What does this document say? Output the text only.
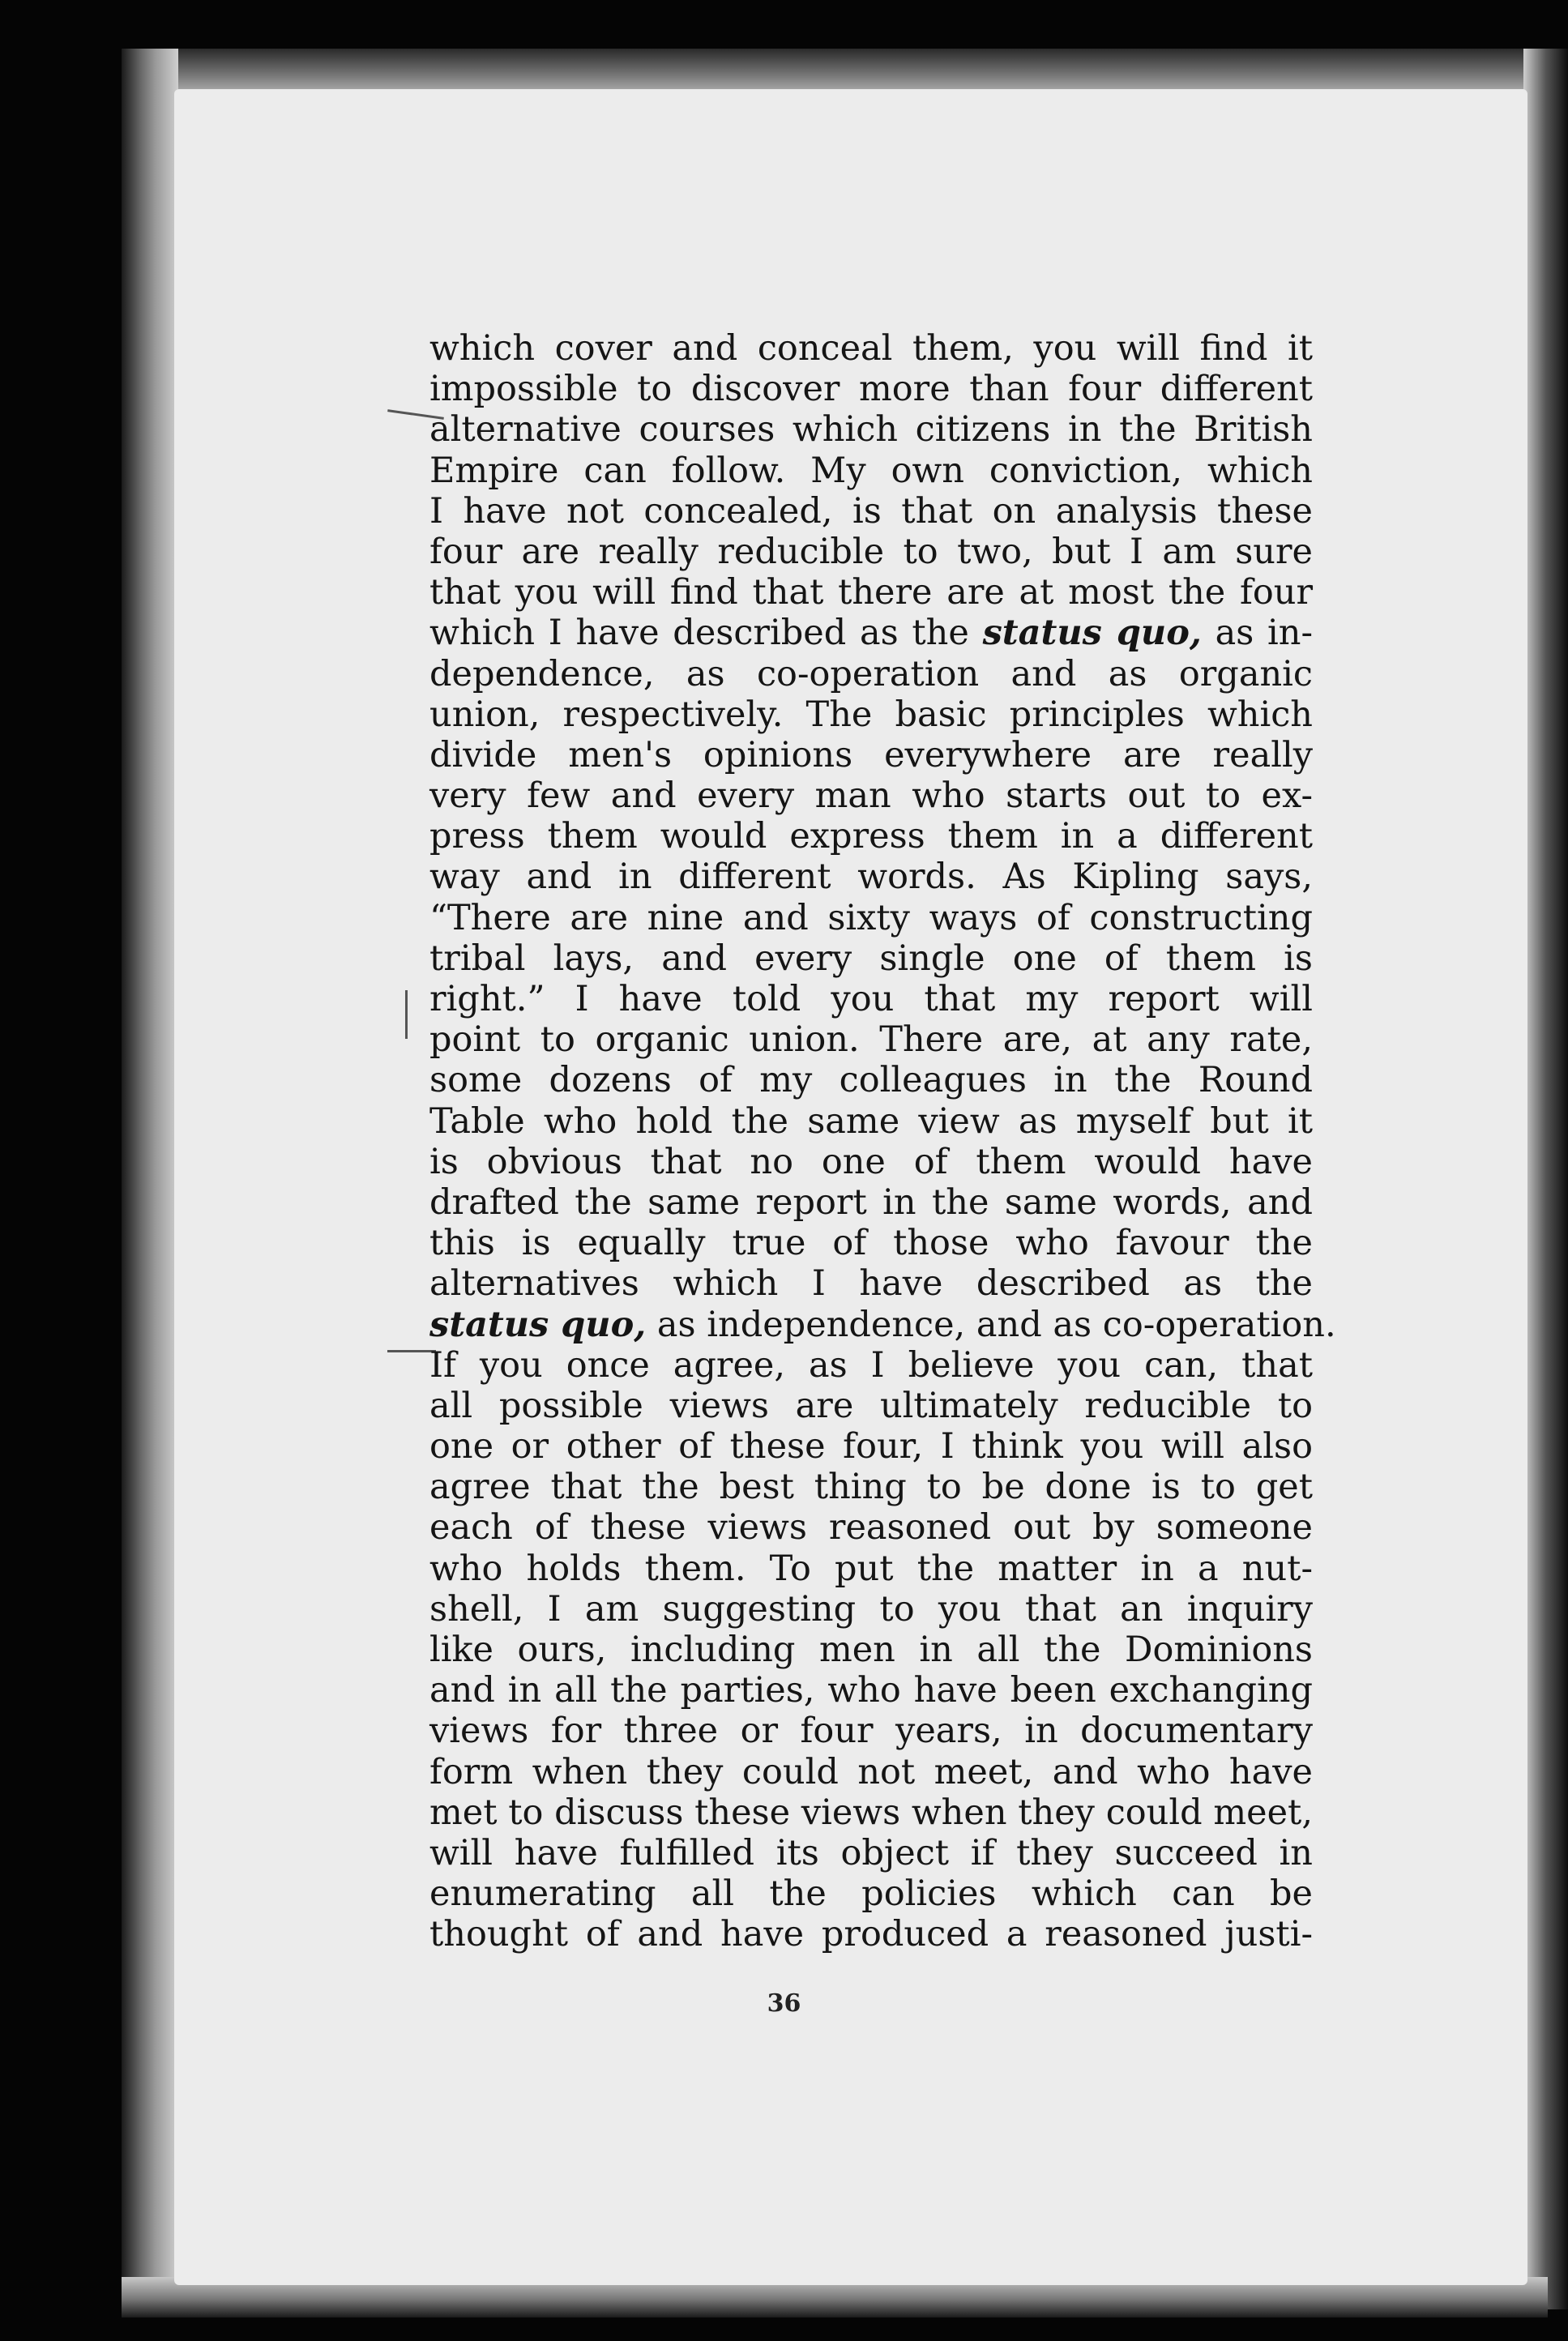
which cover and conceal them, you will find it
impossible to discover more than four different
alternative courses which citizens in the British
Empire can follow. My own conviction, which
I have not concealed, is that on analysis these
four are really reducible to two, but I am sure
that you will find that there are at most the four
which I have described as the status quo, as in-
dependence, as co-operation and as organic
union, respectively. The basic principles which
divide men's opinions everywhere are really
very few and every man who starts out to ex-
press them would express them in a different
way and in different words. As Kipling says,
“There are nine and sixty ways of constructing
tribal lays, and every single one of them is
right.” I have told you that my report will
point to organic union. There are, at any rate,
some dozens of my colleagues in the Round
Table who hold the same view as myself but it
is obvious that no one of them would have
drafted the same report in the same words, and
this is equally true of those who favour the
alternatives which I have described as the
status quo, as independence, and as co-operation.
If you once agree, as I believe you can, that
all possible views are ultimately reducible to
one or other of these four, I think you will also
agree that the best thing to be done is to get
each of these views reasoned out by someone
who holds them. To put the matter in a nut-
shell, I am suggesting to you that an inquiry
like ours, including men in all the Dominions
and in all the parties, who have been exchanging
views for three or four years, in documentary
form when they could not meet, and who have
met to discuss these views when they could meet,
will have fulfilled its object if they succeed in
enumerating all the policies which can be
thought of and have produced a reasoned justi-
36
